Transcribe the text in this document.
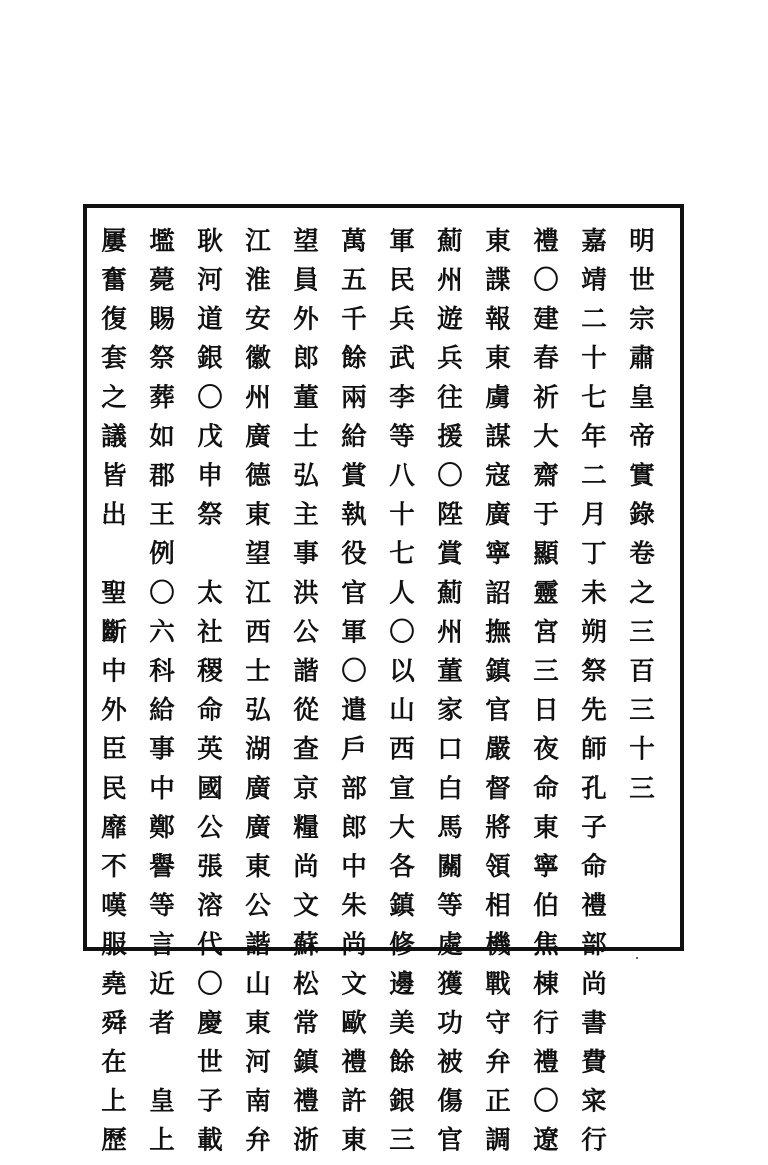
明世宗肅皇帝實錄卷之三百三十三
嘉靖二十七年二月丁未朔祭先師孔子命禮部尚書費寀行
禮〇建春祈大齋于顯靈宮三日夜命東寧伯焦棟行禮〇遼
東諜報東虜謀寇廣寧詔撫鎮官嚴督將領相機戰守弁正調
薊州遊兵往援〇陞賞薊州董家口白馬關等處獲功被傷官
軍民兵武李等八十七人〇以山西宣大各鎮修邊美餘銀三
萬五千餘兩給賞執役官軍〇遣戶部郎中朱尚文歐禮許東
望員外郎董士弘主事洪公諧從查京糧尚文蘇松常鎮禮浙
江淮安徽州廣德東望江西士弘湖廣廣東公諧山東河南弁
耿河道銀〇戊申祭　太社稷命英國公張溶代〇慶世子載
壏薨賜祭葬如郡王例〇六科給事中鄭譽等言近者　皇上
屢奮復套之議皆出　聖斷中外臣民靡不嘆服堯舜在上歷
